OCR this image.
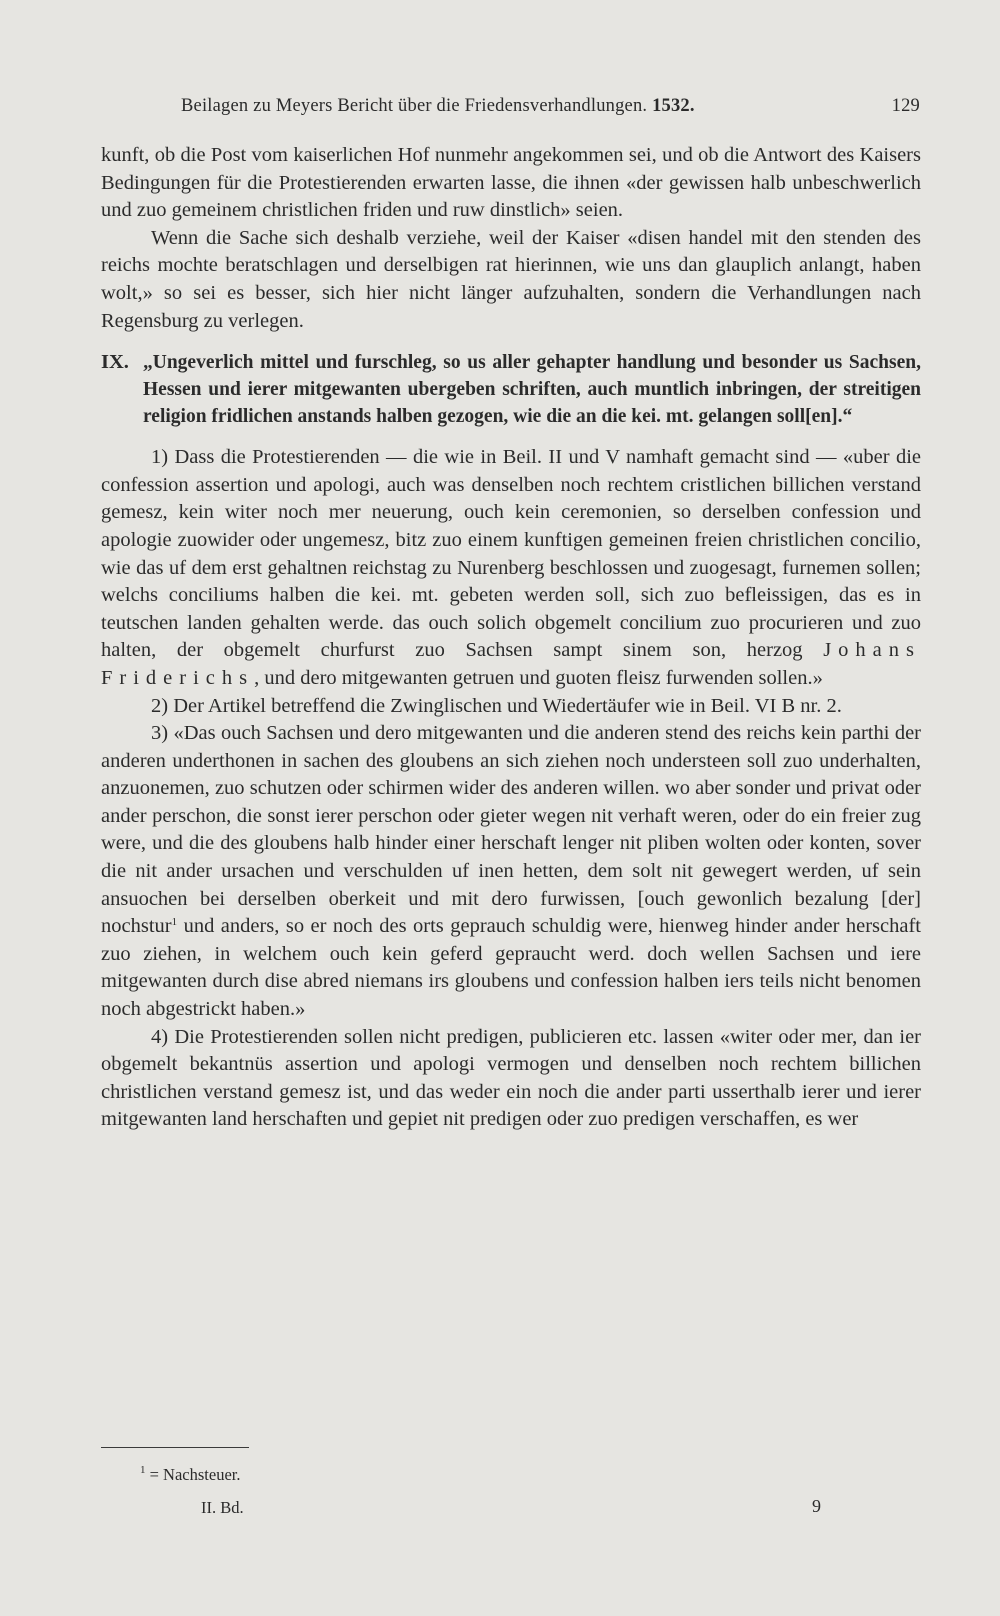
Beilagen zu Meyers Bericht über die Friedensverhandlungen. 1532.	129

kunft, ob die Post vom kaiserlichen Hof nunmehr angekommen sei, und ob die Antwort des Kaisers Bedingungen für die Protestierenden erwarten lasse, die ihnen «der gewissen halb unbeschwerlich und zuo gemeinem christlichen friden und ruw dinstlich» seien.

Wenn die Sache sich deshalb verziehe, weil der Kaiser «disen handel mit den stenden des reichs mochte beratschlagen und derselbigen rat hierinnen, wie uns dan glauplich anlangt, haben wolt,» so sei es besser, sich hier nicht länger aufzuhalten, sondern die Verhandlungen nach Regensburg zu verlegen.

IX. „Ungeverlich mittel und furschleg, so us aller gehapter handlung und besonder us Sachsen, Hessen und ierer mitgewanten ubergeben schriften, auch muntlich inbringen, der streitigen religion fridlichen anstands halben gezogen, wie die an die kei. mt. gelangen soll[en].“

1) Dass die Protestierenden — die wie in Beil. II und V namhaft gemacht sind — «uber die confession assertion und apologi, auch was denselben noch rechtem cristlichen billichen verstand gemesz, kein witer noch mer neuerung, ouch kein ceremonien, so derselben confession und apologie zuowider oder ungemesz, bitz zuo einem kunftigen gemeinen freien christlichen concilio, wie das uf dem erst gehaltnen reichstag zu Nurenberg beschlossen und zuogesagt, furnemen sollen; welchs conciliums halben die kei. mt. gebeten werden soll, sich zuo befleissigen, das es in teutschen landen gehalten werde. das ouch solich obgemelt concilium zuo procurieren und zuo halten, der obgemelt churfurst zuo Sachsen sampt sinem son, herzog Johans Friderichs, und dero mitgewanten getruen und guoten fleisz furwenden sollen.»

2) Der Artikel betreffend die Zwinglischen und Wiedertäufer wie in Beil. VI B nr. 2.

3) «Das ouch Sachsen und dero mitgewanten und die anderen stend des reichs kein parthi der anderen underthonen in sachen des gloubens an sich ziehen noch understeen soll zuo underhalten, anzuonemen, zuo schutzen oder schirmen wider des anderen willen. wo aber sonder und privat oder ander perschon, die sonst ierer perschon oder gieter wegen nit verhaft weren, oder do ein freier zug were, und die des gloubens halb hinder einer herschaft lenger nit pliben wolten oder konten, sover die nit ander ursachen und verschulden uf inen hetten, dem solt nit gewegert werden, uf sein ansuochen bei derselben oberkeit und mit dero furwissen, [ouch gewonlich bezalung [der] nochstur$^1$ und anders, so er noch des orts geprauch schuldig were, hienweg hinder ander herschaft zuo ziehen, in welchem ouch kein geferd gepraucht werd. doch wellen Sachsen und iere mitgewanten durch dise abred niemans irs gloubens und confession halben iers teils nicht benomen noch abgestrickt haben.»

4) Die Protestierenden sollen nicht predigen, publicieren etc. lassen «witer oder mer, dan ier obgemelt bekantnüs assertion und apologi vermogen und denselben noch rechtem billichen christlichen verstand gemesz ist, und das weder ein noch die ander parti usserthalb ierer und ierer mitgewanten land herschaften und gepiet nit predigen oder zuo predigen verschaffen, es wer

$^1$ = Nachsteuer.
II. Bd.	9
